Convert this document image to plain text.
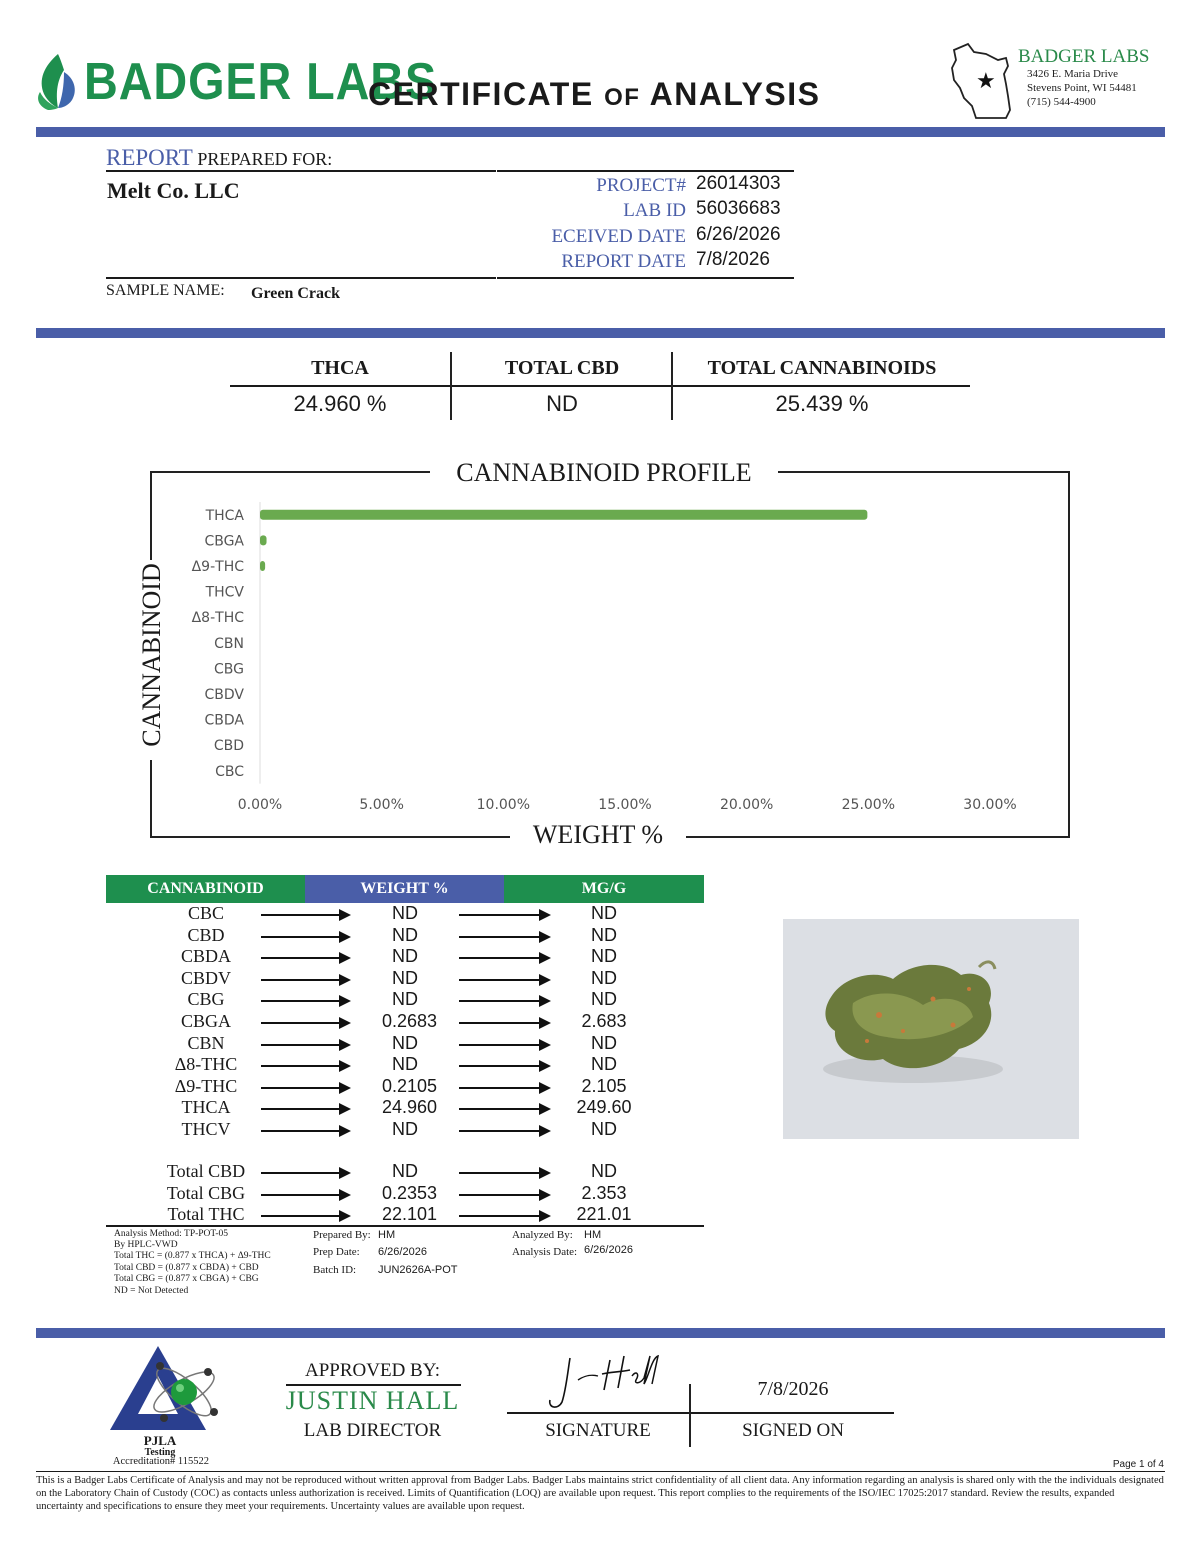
BADGER LABS
CERTIFICATE OF ANALYSIS	★
BADGER LABS
3426 E. Maria Drive
Stevens Point, WI 54481
(715) 544-4900
REPORT PREPARED FOR:
Melt Co. LLC	PROJECT# 26014303
LAB ID 56036683
ECEIVED DATE 6/26/2026
REPORT DATE 7/8/2026
SAMPLE NAME: Green Crack
THCA	TOTAL CBD	TOTAL CANNABINOIDS
24.960 %	ND	25.439 %
CANNABINOID PROFILE
WEIGHT %
CANNABINOID
THCA
CBGA
Δ9-THC
THCV
Δ8-THC
CBN
CBG
CBDV
CBDA
CBD
CBC
0.00%	5.00%	10.00%	15.00%	20.00%	25.00%	30.00%
CANNABINOID	WEIGHT %	MG/G
CBC	ND	ND
CBD	ND	ND
CBDA	ND	ND
CBDV	ND	ND
CBG	ND	ND
CBGA	0.2683	2.683
CBN	ND	ND
Δ8-THC	ND	ND
Δ9-THC	0.2105	2.105
THCA	24.960	249.60
THCV	ND	ND
Total CBD	ND	ND
Total CBG	0.2353	2.353
Total THC	22.101	221.01
Analysis Method: TP-POT-05
By HPLC-VWD
Total THC = (0.877 x THCA) + Δ9-THC
Total CBD = (0.877 x CBDA) + CBD
Total CBG = (0.877 x CBGA) + CBG
ND = Not Detected
Prepared By: HM
Prep Date: 6/26/2026
Batch ID: JUN2626A-POT
Analyzed By: HM
Analysis Date: 6/26/2026
PJLA
Testing
Accreditation# 115522
APPROVED BY:
JUSTIN HALL
LAB DIRECTOR	SIGNATURE
7/8/2026
SIGNED ON
Page 1 of 4
This is a Badger Labs Certificate of Analysis and may not be reproduced without written approval from Badger Labs. Badger Labs maintains strict confidentiality of all client data. Any information regarding an analysis is shared only with the the individuals designated on the Laboratory Chain of Custody (COC) as contacts unless authorization is received. Limits of Quantification (LOQ) are available upon request. This report complies to the requirements of the ISO/IEC 17025:2017 standard. Review the results, expanded uncertainty and specifications to ensure they meet your requirements. Uncertainty values are available upon request.
